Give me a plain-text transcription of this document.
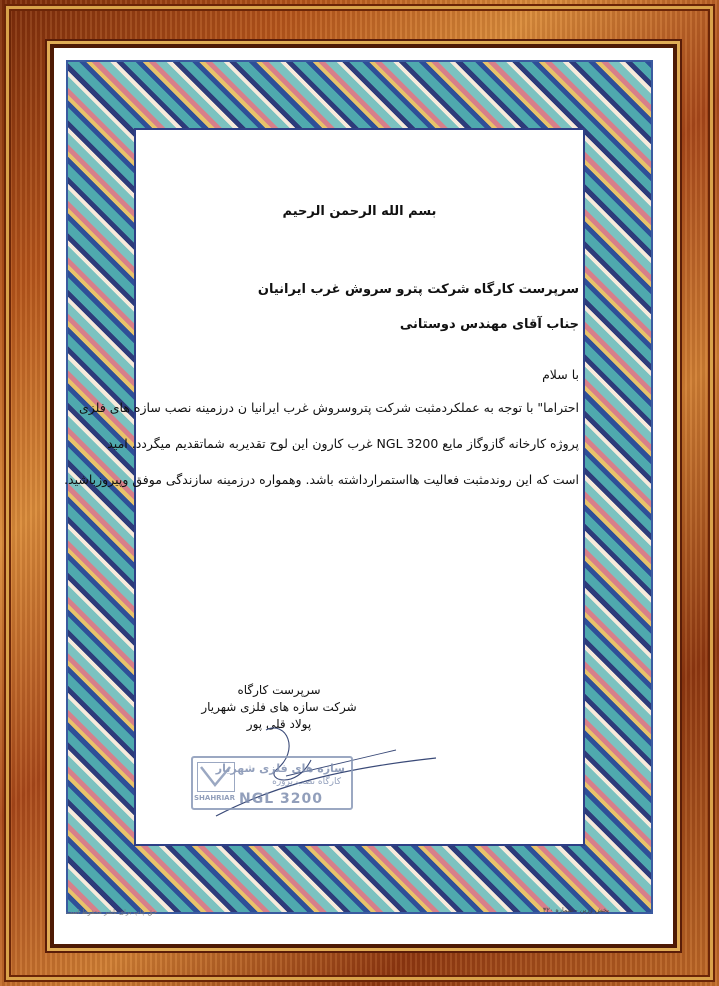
بسم الله الرحمن الرحیم
سرپرست کارگاه شرکت پترو سروش غرب ایرانیان
جناب آقای مهندس دوستانی
با سلام
احتراما" با توجه به عملکردمثبت شرکت پتروسروش غرب ایرانیا ن درزمینه نصب سازه های فلزی
پروژه کارخانه گازوگاز مایع NGL 3200 غرب کارون این لوح تقدیربه شماتقدیم میگردد. امید
است که این روندمثبت فعالیت هااستمرارداشته باشد. وهمواره درزمینه سازندگی موفق وپیروزباشید.
سرپرست کارگاه
شرکت سازه های فلزی شهریار
پولاد قلی پور
SHAHRIAR
سازه های فلزی شهریار
کارگاه نصب پروژه
NGL 3200
پخش زرین - شماره ۳۲۰
حق چاپ برای ناشر محفوظ است
